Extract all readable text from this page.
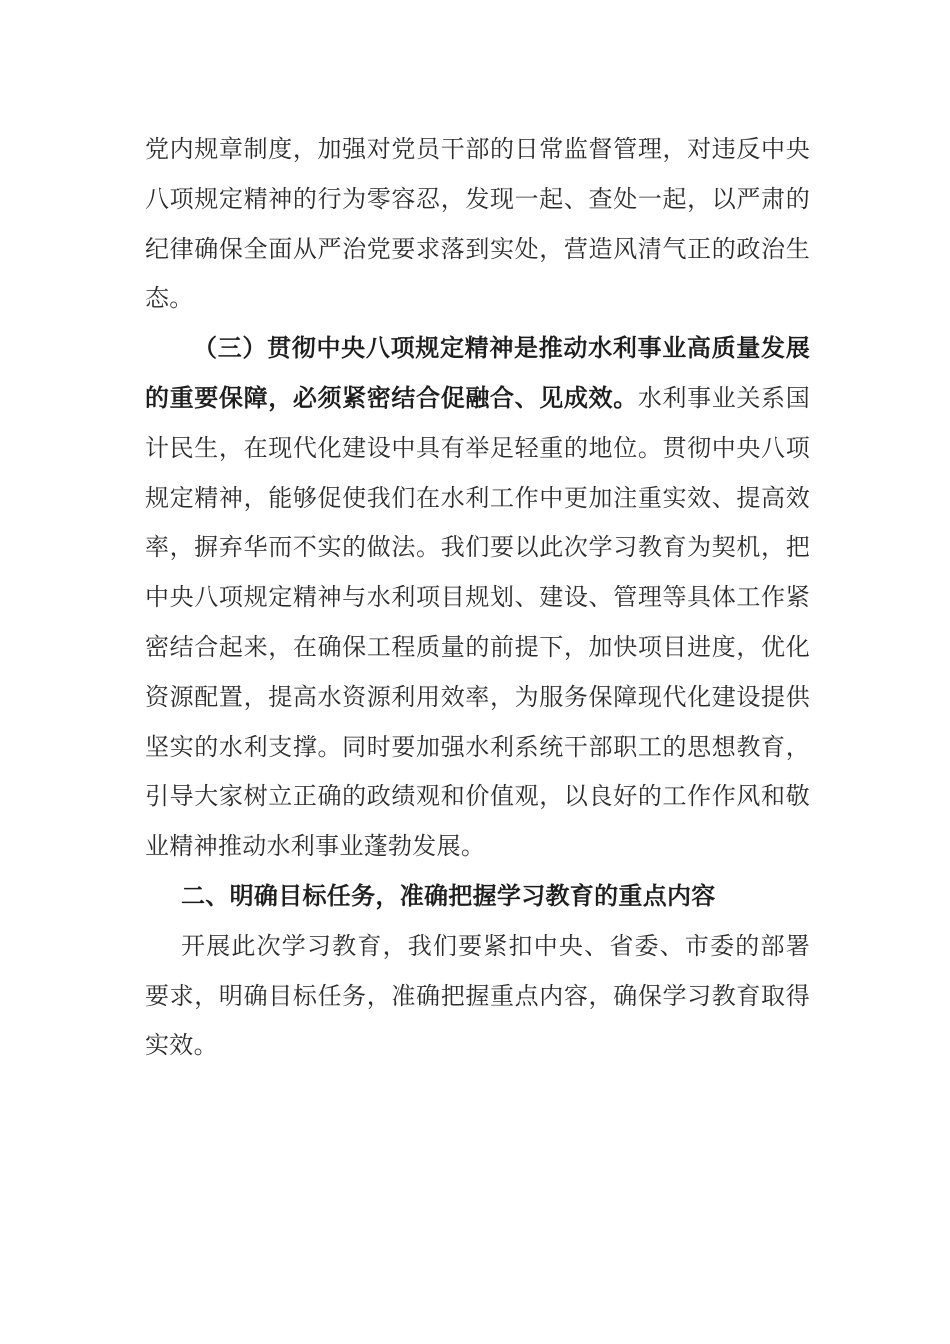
党内规章制度，加强对党员干部的日常监督管理，对违反中央八项规定精神的行为零容忍，发现一起、查处一起，以严肃的纪律确保全面从严治党要求落到实处，营造风清气正的政治生态。

（三）贯彻中央八项规定精神是推动水利事业高质量发展的重要保障，必须紧密结合促融合、见成效。水利事业关系国计民生，在现代化建设中具有举足轻重的地位。贯彻中央八项规定精神，能够促使我们在水利工作中更加注重实效、提高效率，摒弃华而不实的做法。我们要以此次学习教育为契机，把中央八项规定精神与水利项目规划、建设、管理等具体工作紧密结合起来，在确保工程质量的前提下，加快项目进度，优化资源配置，提高水资源利用效率，为服务保障现代化建设提供坚实的水利支撑。同时要加强水利系统干部职工的思想教育，引导大家树立正确的政绩观和价值观，以良好的工作作风和敬业精神推动水利事业蓬勃发展。

二、明确目标任务，准确把握学习教育的重点内容

开展此次学习教育，我们要紧扣中央、省委、市委的部署要求，明确目标任务，准确把握重点内容，确保学习教育取得实效。
